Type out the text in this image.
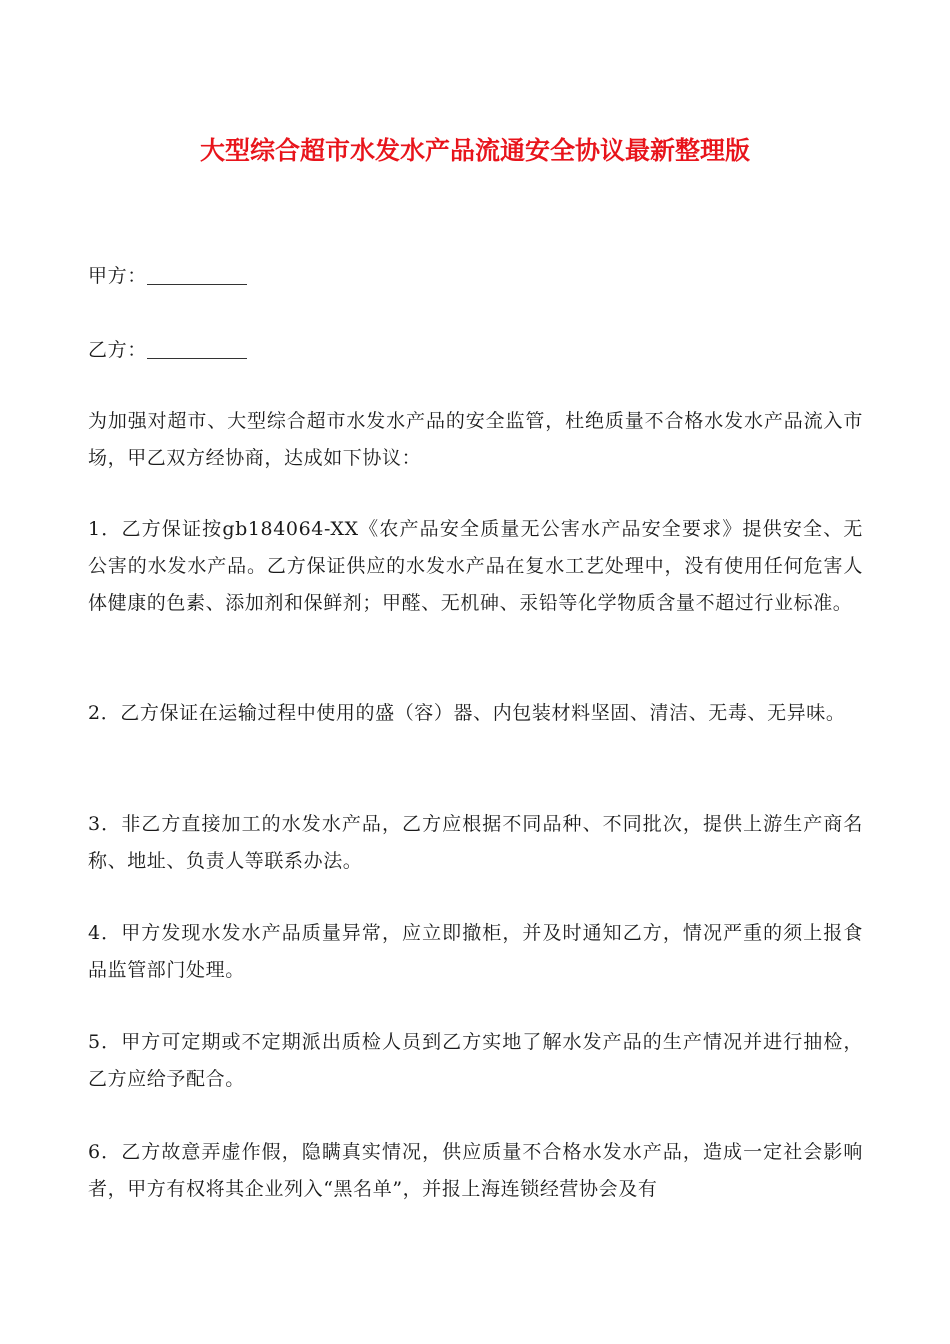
大型综合超市水发水产品流通安全协议最新整理版

甲方：

乙方：

为加强对超市、大型综合超市水发水产品的安全监管，杜绝质量不合格水发水产品流入市场，甲乙双方经协商，达成如下协议：

1．乙方保证按gb184064-XX《农产品安全质量无公害水产品安全要求》提供安全、无公害的水发水产品。乙方保证供应的水发水产品在复水工艺处理中，没有使用任何危害人体健康的色素、添加剂和保鲜剂；甲醛、无机砷、汞铅等化学物质含量不超过行业标准。

2．乙方保证在运输过程中使用的盛（容）器、内包装材料坚固、清洁、无毒、无异味。

3．非乙方直接加工的水发水产品，乙方应根据不同品种、不同批次，提供上游生产商名称、地址、负责人等联系办法。

4．甲方发现水发水产品质量异常，应立即撤柜，并及时通知乙方，情况严重的须上报食品监管部门处理。

5．甲方可定期或不定期派出质检人员到乙方实地了解水发产品的生产情况并进行抽检，乙方应给予配合。

6．乙方故意弄虚作假，隐瞒真实情况，供应质量不合格水发水产品，造成一定社会影响者，甲方有权将其企业列入“黑名单”，并报上海连锁经营协会及有
